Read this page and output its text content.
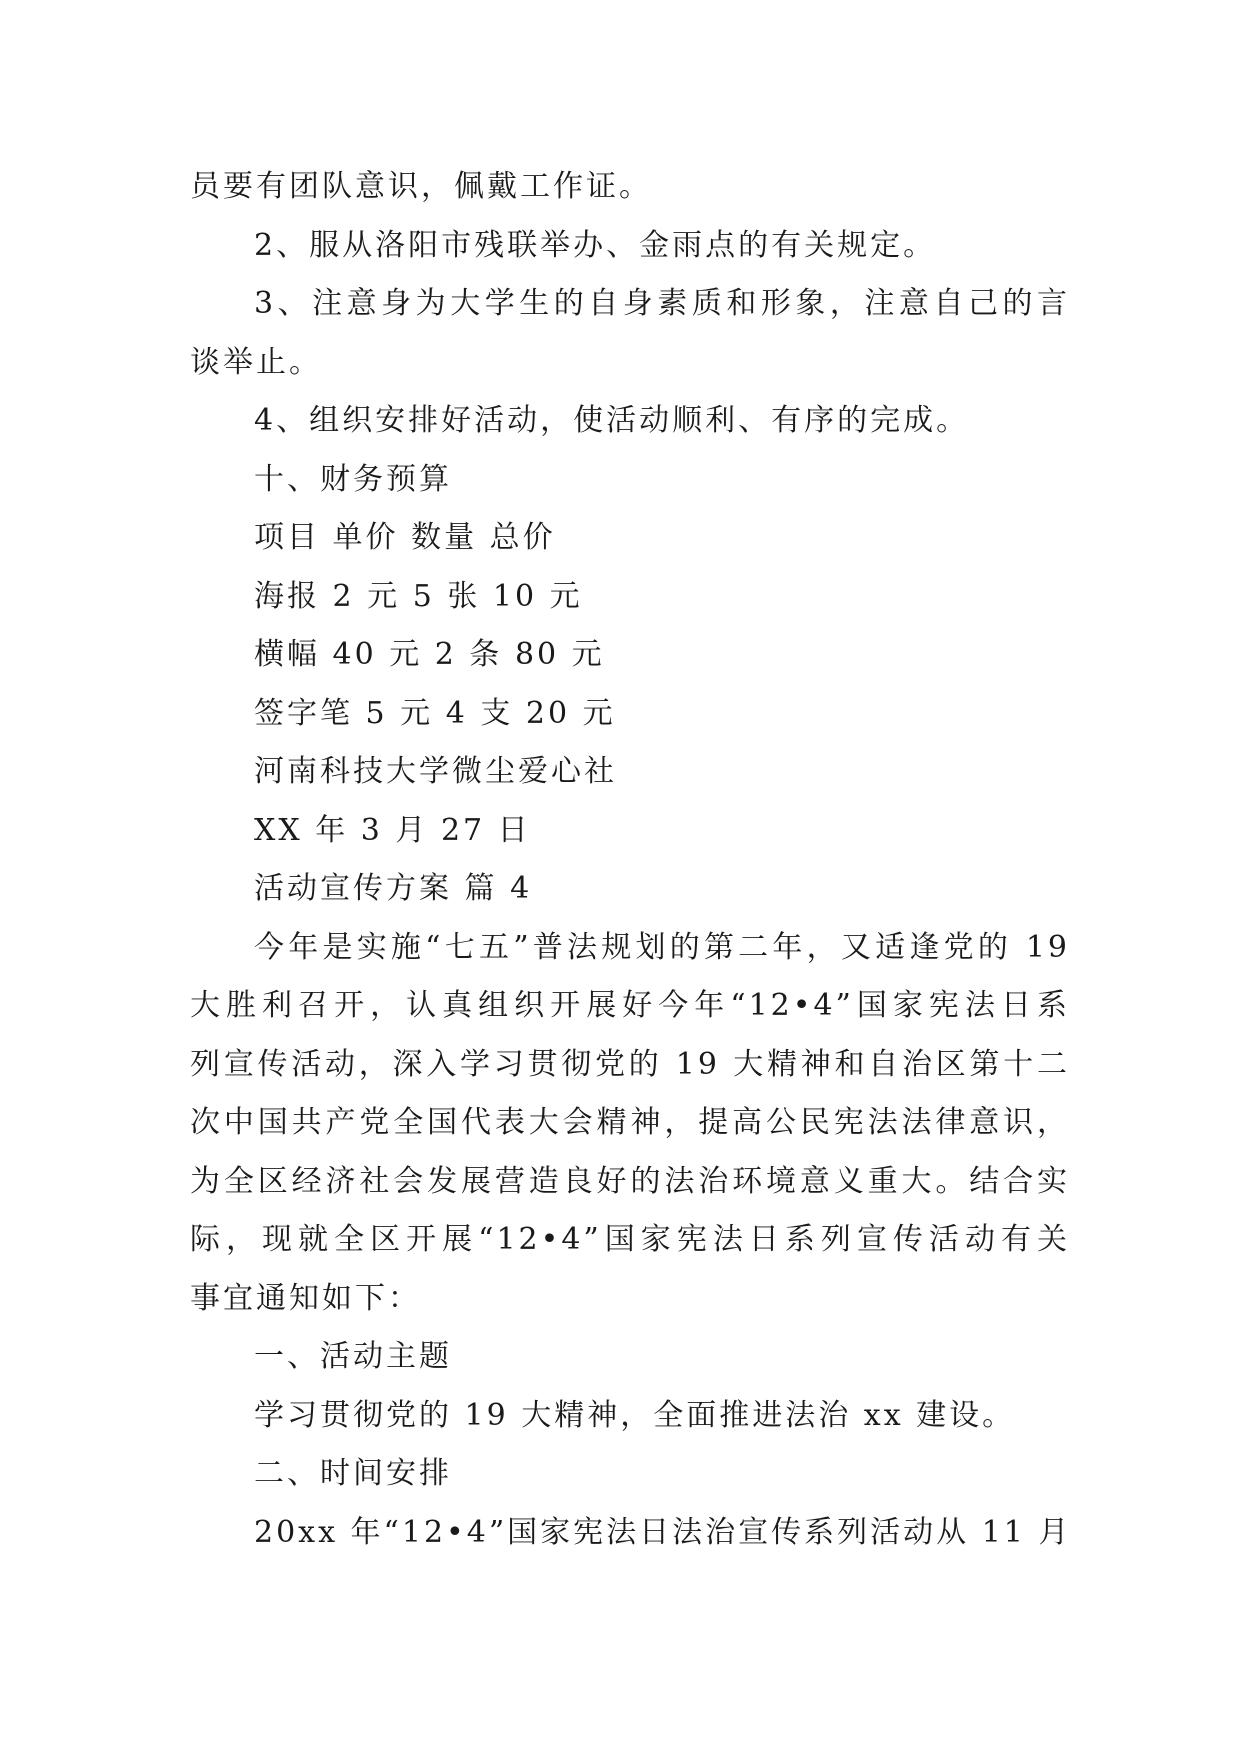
员要有团队意识，佩戴工作证。
2、服从洛阳市残联举办、金雨点的有关规定。
3、注意身为大学生的自身素质和形象，注意自己的言
谈举止。
4、组织安排好活动，使活动顺利、有序的完成。
十、财务预算
项目 单价 数量 总价
海报 2 元 5 张 10 元
横幅 40 元 2 条 80 元
签字笔 5 元 4 支 20 元
河南科技大学微尘爱心社
XX 年 3 月 27 日
活动宣传方案 篇 4
今年是实施“七五”普法规划的第二年，又适逢党的 19
大胜利召开，认真组织开展好今年“12•4”国家宪法日系
列宣传活动，深入学习贯彻党的 19 大精神和自治区第十二
次中国共产党全国代表大会精神，提高公民宪法法律意识，
为全区经济社会发展营造良好的法治环境意义重大。结合实
际，现就全区开展“12•4”国家宪法日系列宣传活动有关
事宜通知如下：
一、活动主题
学习贯彻党的 19 大精神，全面推进法治 xx 建设。
二、时间安排
20xx 年“12•4”国家宪法日法治宣传系列活动从 11 月
